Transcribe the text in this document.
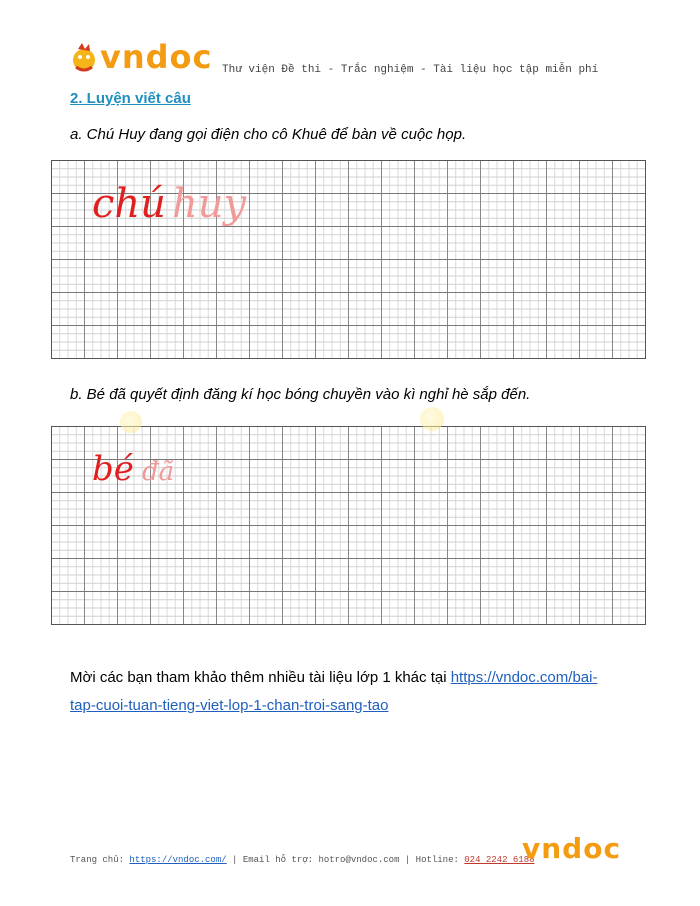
vndoc Thư viện Đề thi - Trắc nghiệm - Tài liệu học tập miễn phí
2. Luyện viết câu
a. Chú Huy đang gọi điện cho cô Khuê để bàn về cuộc họp.
chú huy
b. Bé đã quyết định đăng kí học bóng chuyền vào kì nghỉ hè sắp đến.
bé đã
Mời các bạn tham khảo thêm nhiều tài liệu lớp 1 khác tại https://vndoc.com/bai-
tap-cuoi-tuan-tieng-viet-lop-1-chan-troi-sang-tao
Trang chủ: https://vndoc.com/ | Email hỗ trợ: hotro@vndoc.com | Hotline: 024 2242 6188
vndoc
